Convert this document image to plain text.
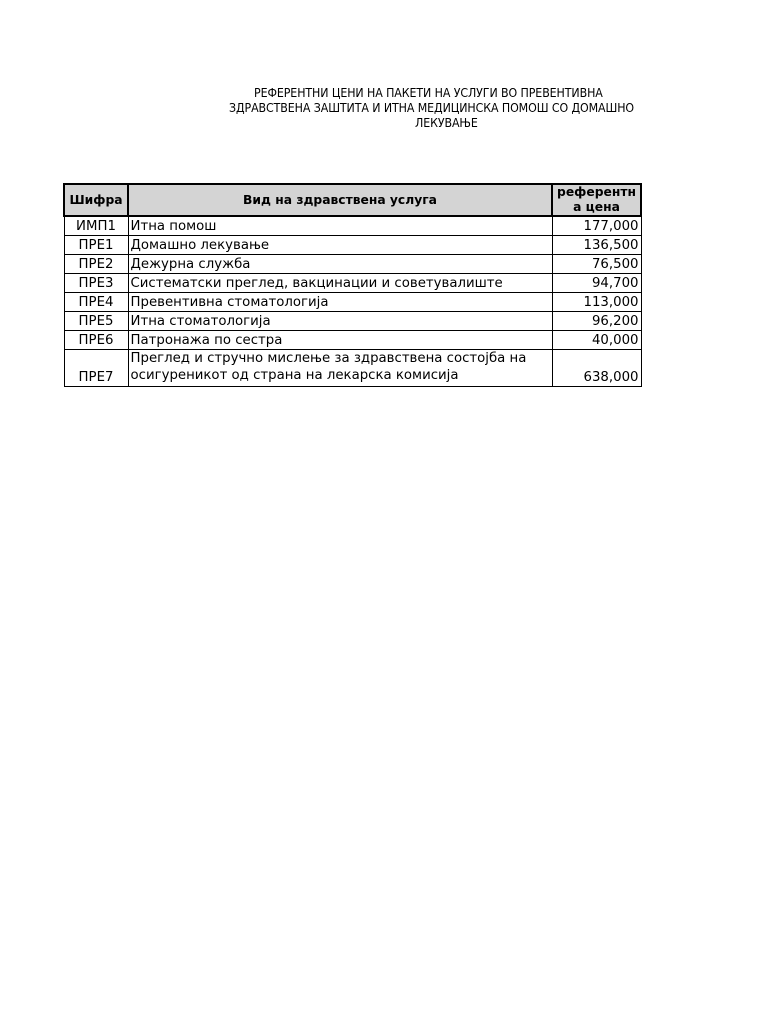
РЕФЕРЕНТНИ ЦЕНИ НА ПАКЕТИ НА УСЛУГИ ВО ПРЕВЕНТИВНА
ЗДРАВСТВЕНА ЗАШТИТА И ИТНА МЕДИЦИНСКА ПОМОШ СО ДОМАШНО
ЛЕКУВАЊЕ
Шифра	Вид на здравствена услуга	референтн
а цена
ИМП1	Итна помош	177,000
ПРЕ1	Домашно лекување	136,500
ПРЕ2	Дежурна служба	76,500
ПРЕ3	Систематски преглед, вакцинации и советувалиште	94,700
ПРЕ4	Превентивна стоматологија	113,000
ПРЕ5	Итна стоматологија	96,200
ПРЕ6	Патронажа по сестра	40,000
ПРЕ7	Преглед и стручно мислење за здравствена состојба на осигуреникот од страна на лекарска комисија	638,000
